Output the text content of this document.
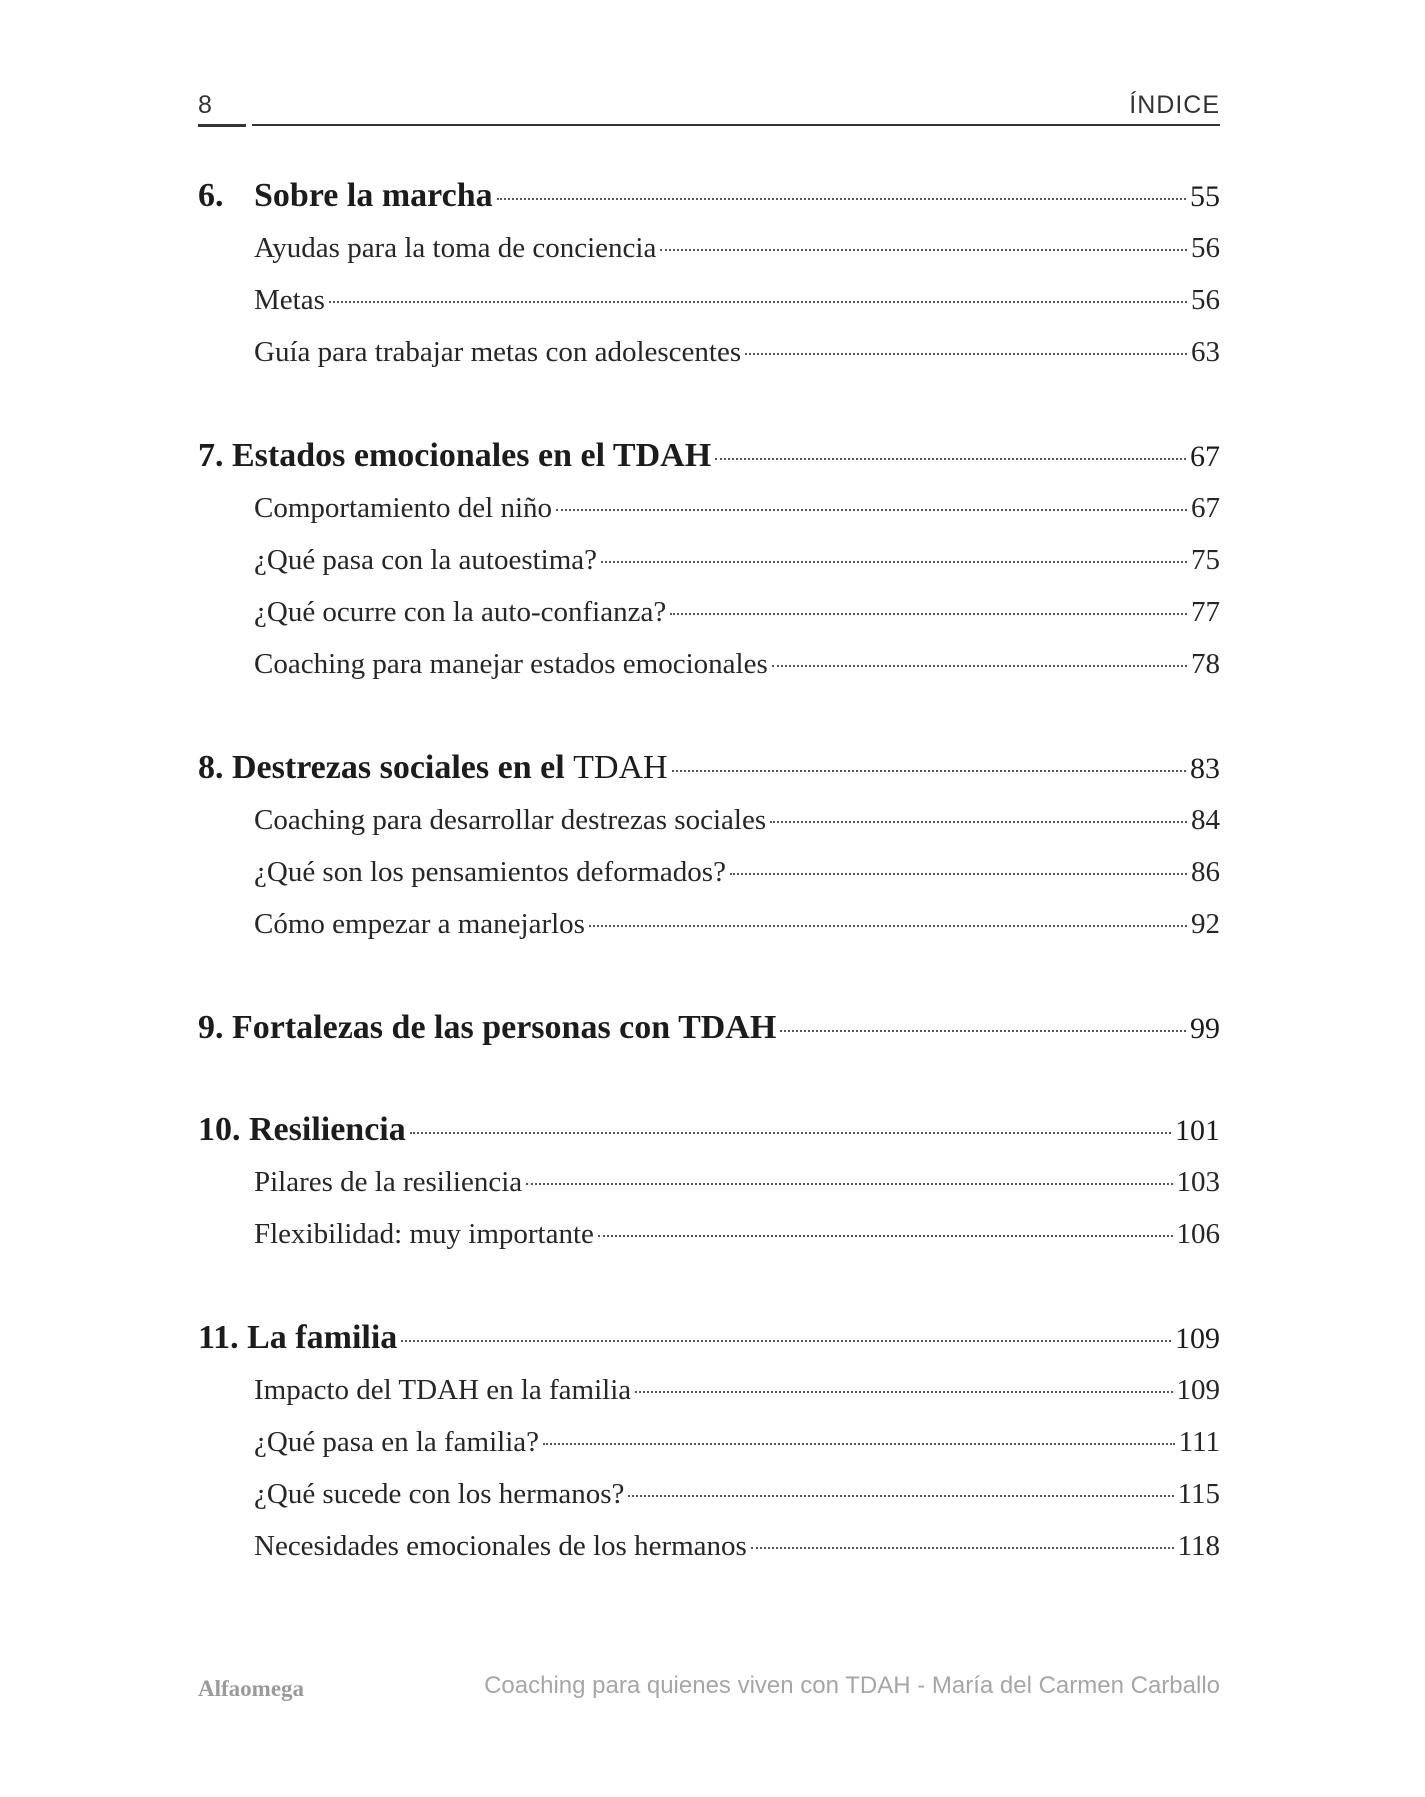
8	ÍNDICE
6. Sobre la marcha	55
Ayudas para la toma de conciencia	56
Metas	56
Guía para trabajar metas con adolescentes	63
7. Estados emocionales en el TDAH	67
Comportamiento del niño	67
¿Qué pasa con la autoestima?	75
¿Qué ocurre con la auto-confianza?	77
Coaching para manejar estados emocionales	78
8. Destrezas sociales en el TDAH	83
Coaching para desarrollar destrezas sociales	84
¿Qué son los pensamientos deformados?	86
Cómo empezar a manejarlos	92
9. Fortalezas de las personas con TDAH	99
10. Resiliencia	101
Pilares de la resiliencia	103
Flexibilidad: muy importante	106
11. La familia	109
Impacto del TDAH en la familia	109
¿Qué pasa en la familia?	111
¿Qué sucede con los hermanos?	115
Necesidades emocionales de los hermanos	118
Alfaomega	Coaching para quienes viven con TDAH - María del Carmen Carballo
